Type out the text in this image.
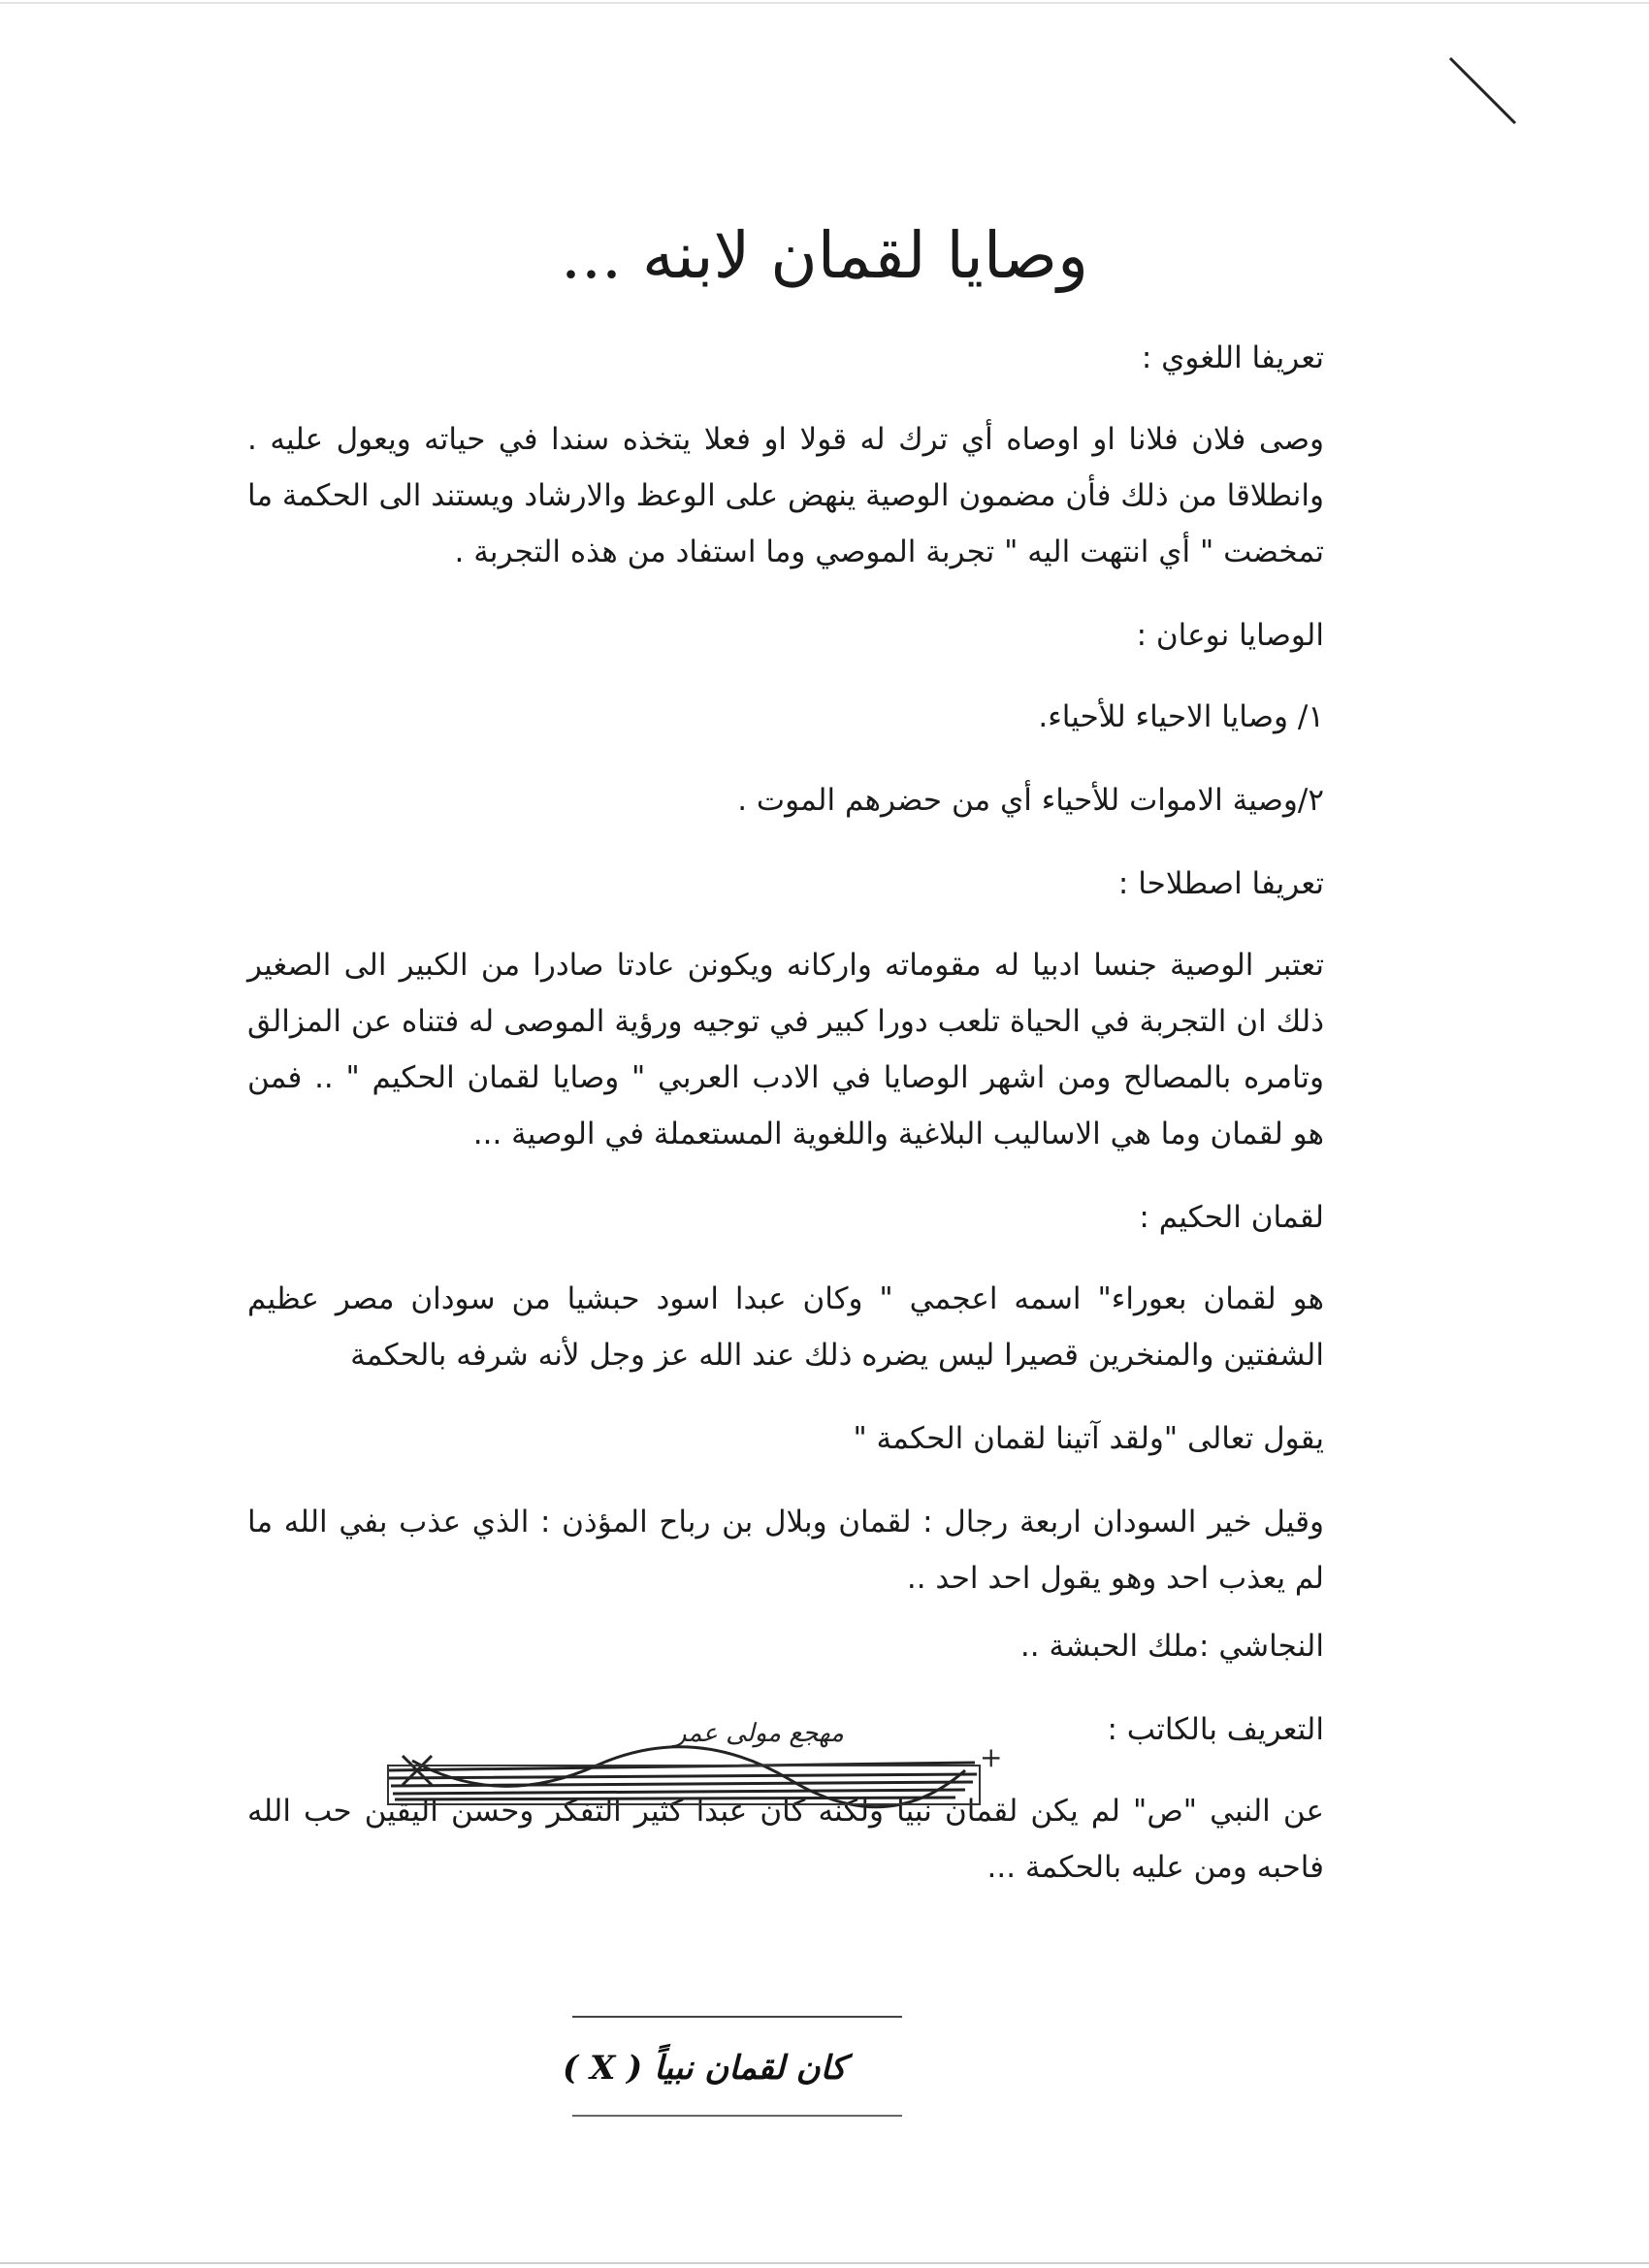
وصايا لقمان لابنه ...

تعريفا اللغوي :

وصى فلان فلانا او اوصاه أي ترك له قولا او فعلا يتخذه سندا في حياته ويعول عليه . وانطلاقا من ذلك فأن مضمون الوصية ينهض على الوعظ والارشاد ويستند الى الحكمة ما تمخضت " أي انتهت اليه " تجربة الموصي وما استفاد من هذه التجربة .

الوصايا نوعان :

١/ وصايا الاحياء للأحياء.

٢/وصية الاموات للأحياء أي من حضرهم الموت .

تعريفا اصطلاحا :

تعتبر الوصية جنسا ادبيا له مقوماته واركانه ويكونن عادتا صادرا من الكبير الى الصغير ذلك ان التجربة في الحياة تلعب دورا كبير في توجيه ورؤية الموصى له فتناه عن المزالق وتامره بالمصالح ومن اشهر الوصايا في الادب العربي " وصايا لقمان الحكيم " .. فمن هو لقمان وما هي الاساليب البلاغية واللغوية المستعملة في الوصية ...

لقمان الحكيم :

هو لقمان بعوراء" اسمه اعجمي " وكان عبدا اسود حبشيا من سودان مصر عظيم الشفتين والمنخرين قصيرا ليس يضره ذلك عند الله عز وجل لأنه شرفه بالحكمة

يقول تعالى "ولقد آتينا لقمان الحكمة "

وقيل خير السودان اربعة رجال : لقمان وبلال بن رباح المؤذن : الذي عذب بفي الله ما لم يعذب احد وهو يقول احد احد ..

النجاشي :ملك الحبشة ..

التعريف بالكاتب :

عن النبي "ص" لم يكن لقمان نبيا ولكنه كان عبدا كثير التفكر وحسن اليقين حب الله فاحبه ومن عليه بالحكمة ...

مهجع مولى عمر
+
كان لقمان نبياً ( X )
